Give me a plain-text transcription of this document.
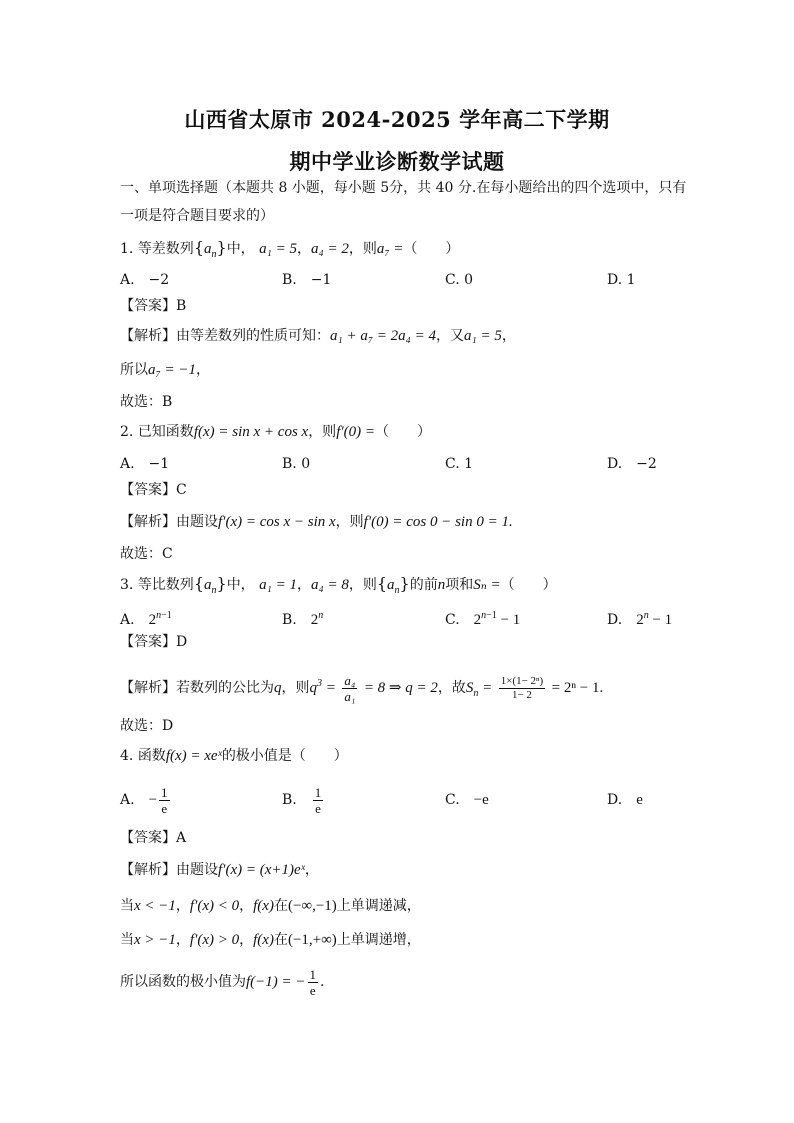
山西省太原市 2024-2025 学年高二下学期
期中学业诊断数学试题
一、单项选择题（本题共 8 小题，每小题 5分，共 40 分.在每小题给出的四个选项中，只有
一项是符合题目要求的）
1. 等差数列$\{a_n\}$中， a₁ = 5，a₄ = 2，则a₇ =（　　）
A.　−2	B.　−1	C. 0	D. 1
【答案】B
【解析】由等差数列的性质可知：a₁ + a₇ = 2a₄ = 4，又a₁ = 5，
所以a₇ = −1，
故选：B
2. 已知函数f(x) = sin x + cos x，则f′(0) =（　　）
A.　−1	B. 0	C. 1	D.　−2
【答案】C
【解析】由题设f′(x) = cos x − sin x，则f′(0) = cos 0 − sin 0 = 1.
故选：C
3. 等比数列$\{a_n\}$中， a₁ = 1，a₄ = 8，则$\{a_n\}$的前n项和Sₙ =（　　）
A.　 $2^{n-1}$	B.　 2$^n$	C.　 $2^{n-1} - 1$	D.　 $2^n - 1$
【答案】D
【解析】若数列的公比为q，则$q^3 = \frac{\text{a₄}}{\text{a₁}} = 8$ ⇒ q = 2，故$S_n = \frac{\text{1×(1− 2ⁿ)}}{1- 2} = 2^n - 1$.
故选：D
4. 函数f(x) = xeˣ的极小值是（　　）
A.　 − $\frac{1}{e}$	B.　 $\frac{1}{e}$	C.　 −e	D.　 e
【答案】A
【解析】由题设f′(x) = (x+1)eˣ，
当x < −1，f′(x) < 0，f(x)在(−∞,−1)上单调递减，
当x > −1，f′(x) > 0，f(x)在(−1,+∞)上单调递增，
所以函数的极小值为f(−1) = − $\frac{1}{e}$ .
